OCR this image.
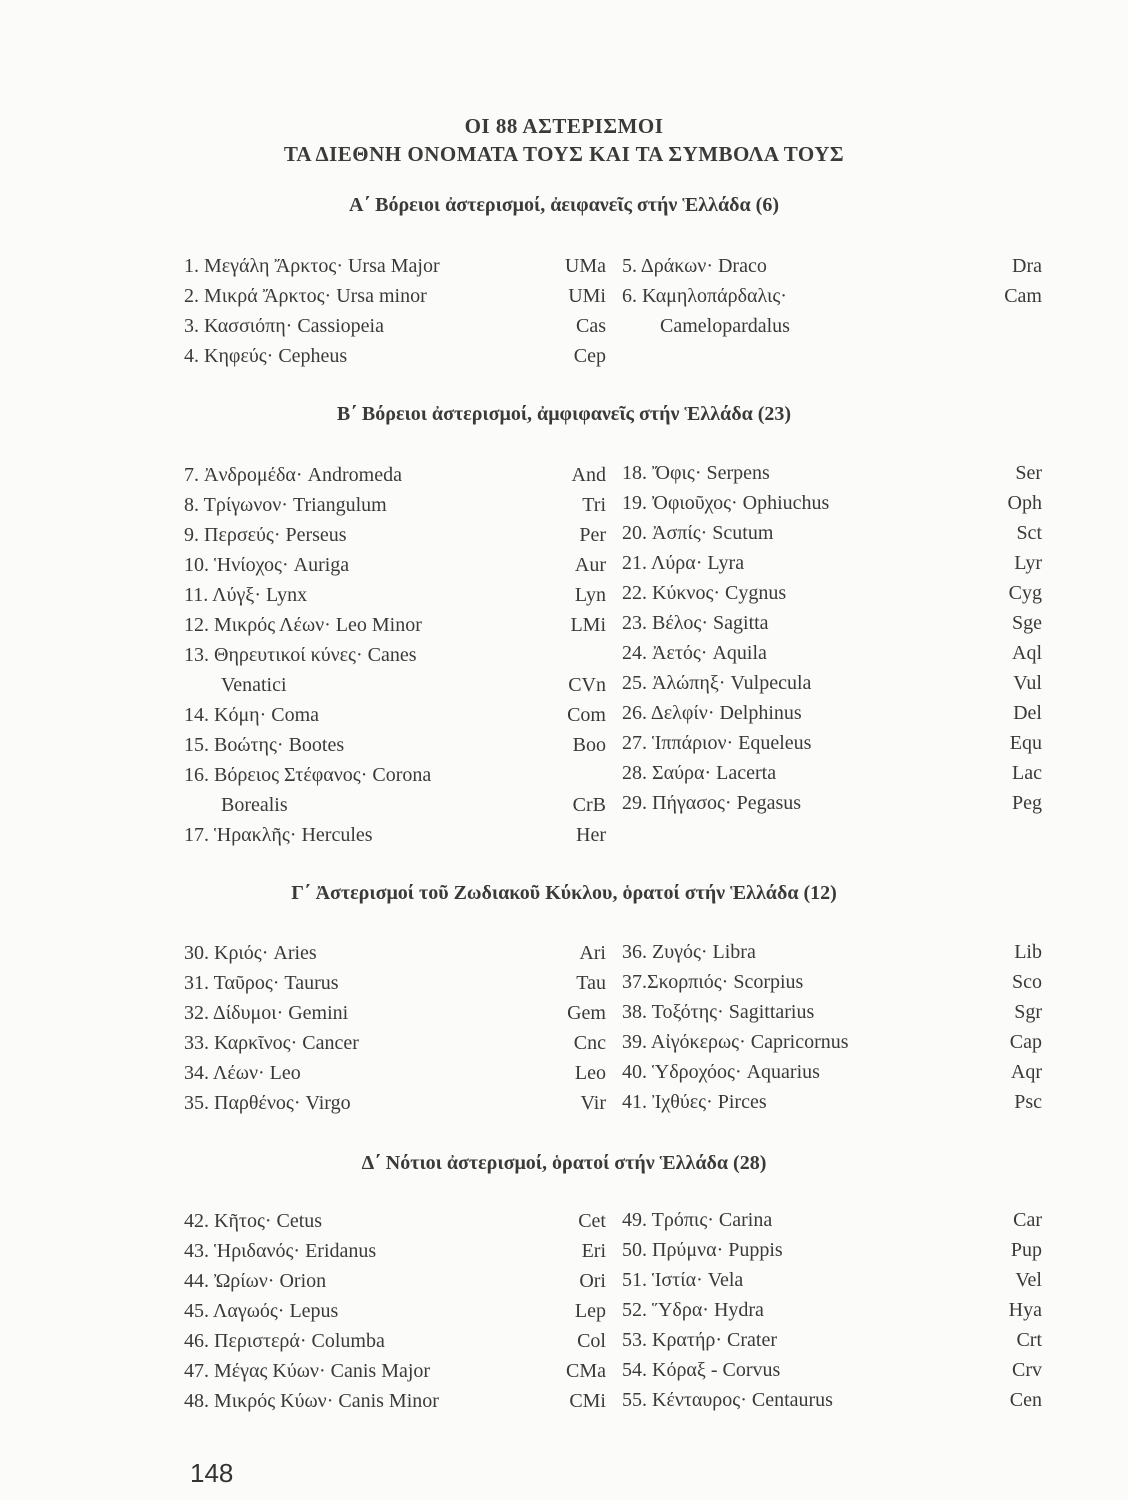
ΟΙ 88 ΑΣΤΕΡΙΣΜΟΙ
ΤΑ ΔΙΕΘΝΗ ΟΝΟΜΑΤΑ ΤΟΥΣ ΚΑΙ ΤΑ ΣΥΜΒΟΛΑ ΤΟΥΣ
Α΄ Βόρειοι ἀστερισμοί, ἀειφανεῖς στήν Ἑλλάδα (6)
1. Μεγάλη Ἄρκτος· Ursa Major	UMa
2. Μικρά Ἄρκτος· Ursa minor	UMi
3. Κασσιόπη· Cassiopeia	Cas
4. Κηφεύς· Cepheus	Cep
5. Δράκων· Draco	Dra
6. Καμηλοπάρδαλις·	Cam
Camelopardalus
Β΄ Βόρειοι ἀστερισμοί, ἀμφιφανεῖς στήν Ἑλλάδα (23)
7. Ἀνδρομέδα· Andromeda	And
8. Τρίγωνον· Triangulum	Tri
9. Περσεύς· Perseus	Per
10. Ἡνίοχος· Auriga	Aur
11. Λύγξ· Lynx	Lyn
12. Μικρός Λέων· Leo Minor	LMi
13. Θηρευτικοί κύνες· Canes
Venatici	CVn
14. Κόμη· Coma	Com
15. Βοώτης· Bootes	Boo
16. Βόρειος Στέφανος· Corona
Borealis	CrB
17. Ἡρακλῆς· Hercules	Her
18. Ὄφις· Serpens	Ser
19. Ὀφιοῦχος· Ophiuchus	Oph
20. Ἀσπίς· Scutum	Sct
21. Λύρα· Lyra	Lyr
22. Κύκνος· Cygnus	Cyg
23. Βέλος· Sagitta	Sge
24. Ἀετός· Aquila	Aql
25. Ἀλώπηξ· Vulpecula	Vul
26. Δελφίν· Delphinus	Del
27. Ἱππάριον· Equeleus	Equ
28. Σαύρα· Lacerta	Lac
29. Πήγασος· Pegasus	Peg
Γ΄ Ἀστερισμοί τοῦ Ζωδιακοῦ Κύκλου, ὁρατοί στήν Ἑλλάδα (12)
30. Κριός· Aries	Ari
31. Ταῦρος· Taurus	Tau
32. Δίδυμοι· Gemini	Gem
33. Καρκῖνος· Cancer	Cnc
34. Λέων· Leo	Leo
35. Παρθένος· Virgo	Vir
36. Ζυγός· Libra	Lib
37.Σκορπιός· Scorpius	Sco
38. Τοξότης· Sagittarius	Sgr
39. Αἰγόκερως· Capricornus	Cap
40. Ὑδροχόος· Aquarius	Aqr
41. Ἰχθύες· Pirces	Psc
Δ΄ Νότιοι ἀστερισμοί, ὁρατοί στήν Ἑλλάδα (28)
42. Κῆτος· Cetus	Cet
43. Ἡριδανός· Eridanus	Eri
44. Ὠρίων· Orion	Ori
45. Λαγωός· Lepus	Lep
46. Περιστερά· Columba	Col
47. Μέγας Κύων· Canis Major	CMa
48. Μικρός Κύων· Canis Minor	CMi
49. Τρόπις· Carina	Car
50. Πρύμνα· Puppis	Pup
51. Ἱστία· Vela	Vel
52. Ὕδρα· Hydra	Hya
53. Κρατήρ· Crater	Crt
54. Κόραξ - Corvus	Crv
55. Κένταυρος· Centaurus	Cen
148
